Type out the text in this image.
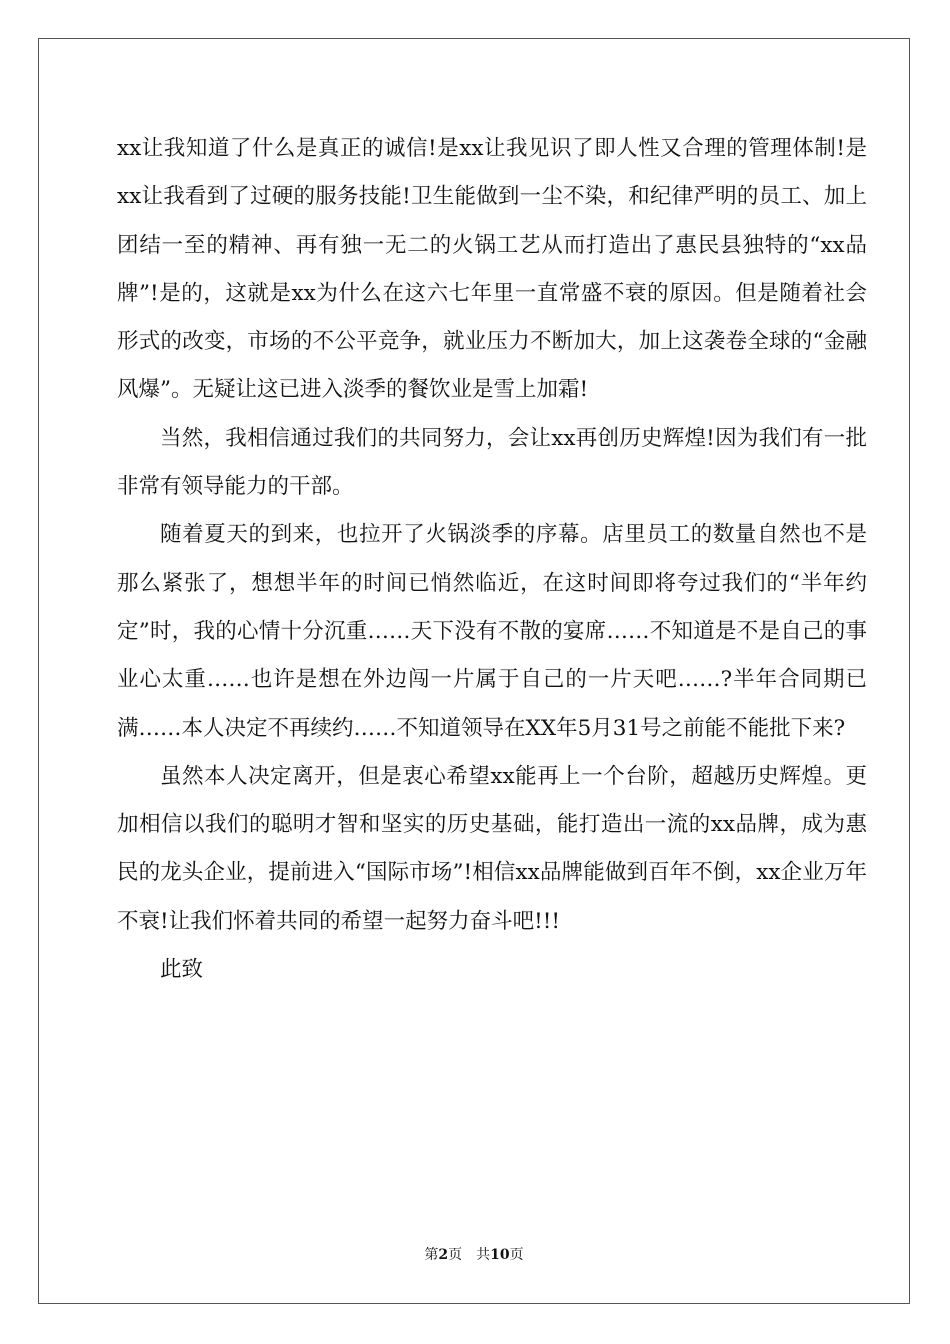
xx让我知道了什么是真正的诚信!是xx让我见识了即人性又合理的管理体制!是xx让我看到了过硬的服务技能!卫生能做到一尘不染，和纪律严明的员工、加上团结一至的精神、再有独一无二的火锅工艺从而打造出了惠民县独特的“xx品牌”!是的，这就是xx为什么在这六七年里一直常盛不衰的原因。但是随着社会形式的改变，市场的不公平竞争，就业压力不断加大，加上这袭卷全球的“金融风爆”。无疑让这已进入淡季的餐饮业是雪上加霜!

当然，我相信通过我们的共同努力，会让xx再创历史辉煌!因为我们有一批非常有领导能力的干部。

随着夏天的到来，也拉开了火锅淡季的序幕。店里员工的数量自然也不是那么紧张了，想想半年的时间已悄然临近，在这时间即将夸过我们的“半年约定”时，我的心情十分沉重……天下没有不散的宴席……不知道是不是自己的事业心太重……也许是想在外边闯一片属于自己的一片天吧……?半年合同期已满……本人决定不再续约……不知道领导在XX年5月31号之前能不能批下来?

虽然本人决定离开，但是衷心希望xx能再上一个台阶，超越历史辉煌。更加相信以我们的聪明才智和坚实的历史基础，能打造出一流的xx品牌，成为惠民的龙头企业，提前进入“国际市场”!相信xx品牌能做到百年不倒，xx企业万年不衰!让我们怀着共同的希望一起努力奋斗吧!!!

此致

第2页 共10页
